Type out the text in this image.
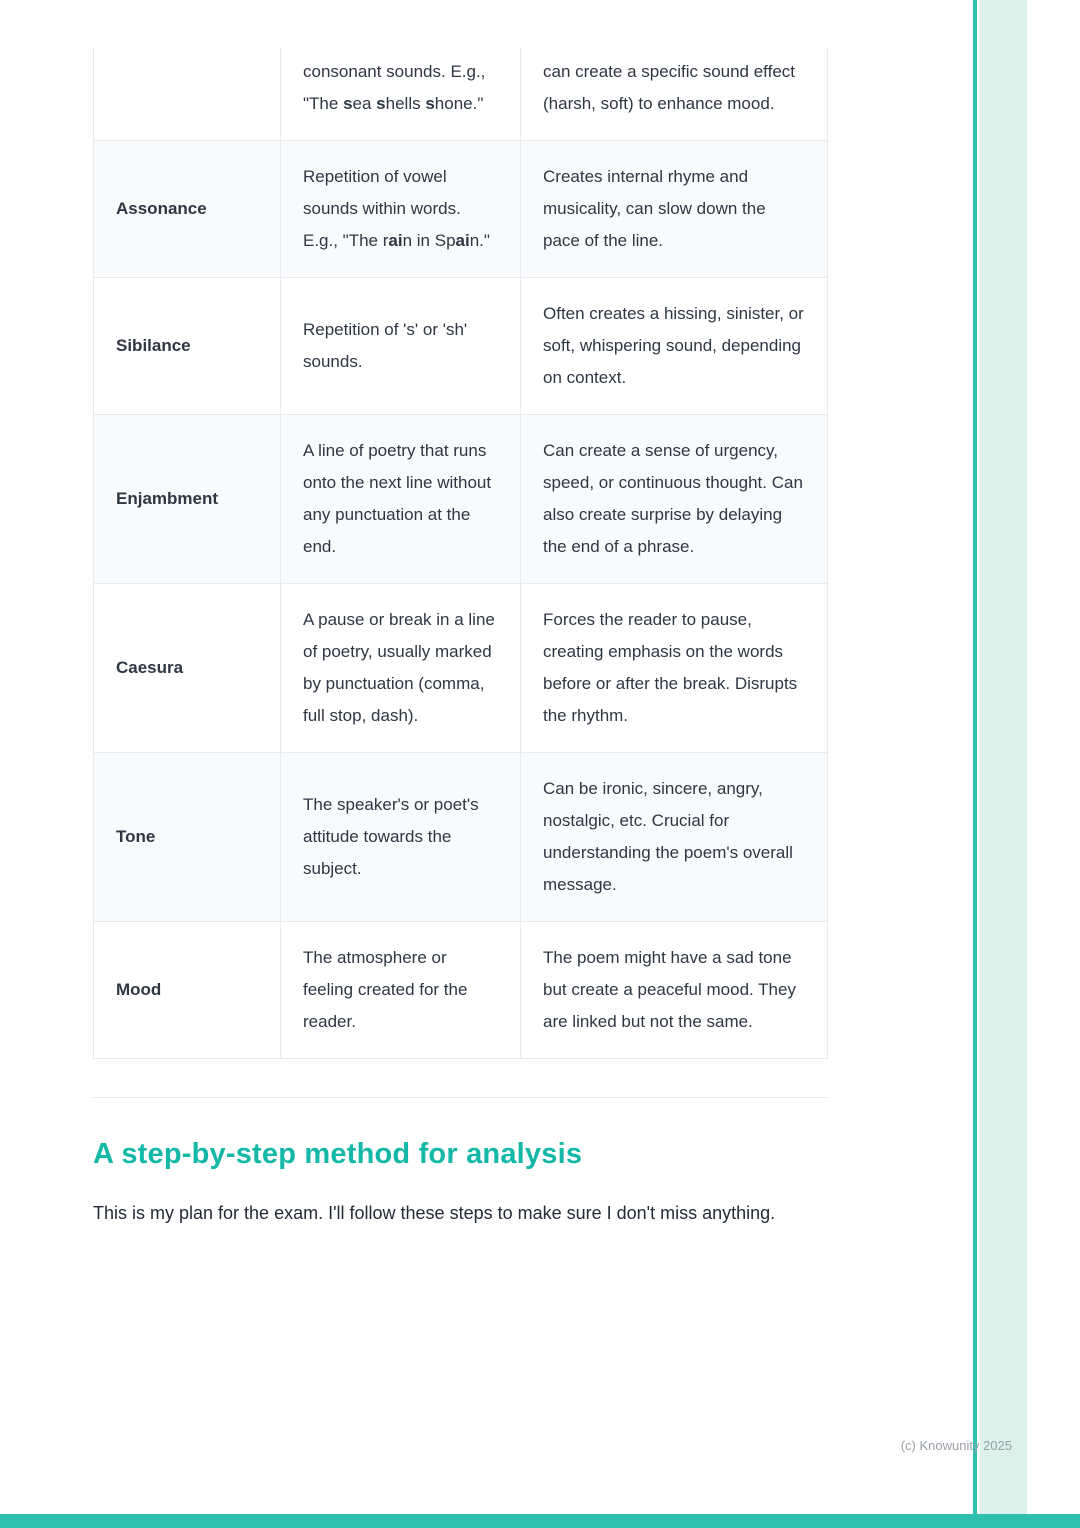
	consonant sounds. E.g., "The sea shells shone."	can create a specific sound effect (harsh, soft) to enhance mood.
Assonance	Repetition of vowel sounds within words. E.g., "The rain in Spain."	Creates internal rhyme and musicality, can slow down the pace of the line.
Sibilance	Repetition of 's' or 'sh' sounds.	Often creates a hissing, sinister, or soft, whispering sound, depending on context.
Enjambment	A line of poetry that runs onto the next line without any punctuation at the end.	Can create a sense of urgency, speed, or continuous thought. Can also create surprise by delaying the end of a phrase.
Caesura	A pause or break in a line of poetry, usually marked by punctuation (comma, full stop, dash).	Forces the reader to pause, creating emphasis on the words before or after the break. Disrupts the rhythm.
Tone	The speaker's or poet's attitude towards the subject.	Can be ironic, sincere, angry, nostalgic, etc. Crucial for understanding the poem's overall message.
Mood	The atmosphere or feeling created for the reader.	The poem might have a sad tone but create a peaceful mood. They are linked but not the same.
A step-by-step method for analysis

This is my plan for the exam. I'll follow these steps to make sure I don't miss anything.

(c) Knowunity 2025
